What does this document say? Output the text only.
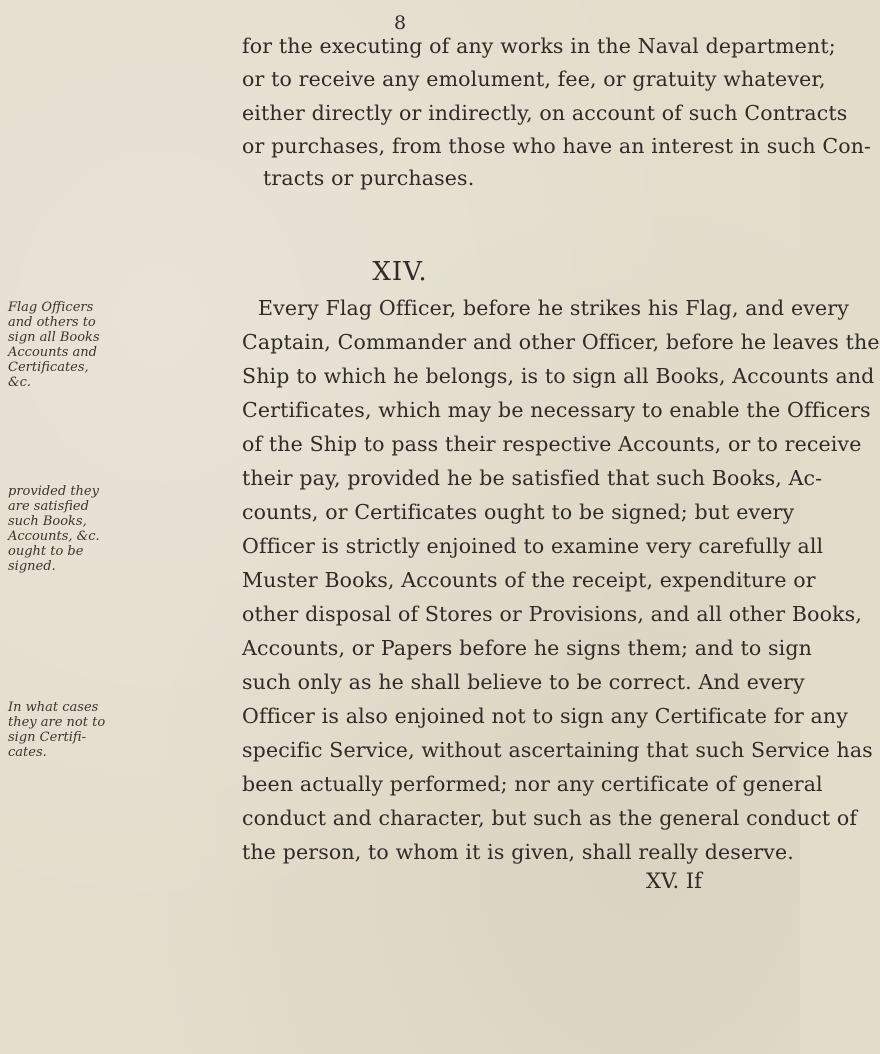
8
for the executing of any works in the Naval department;
or to receive any emolument, fee, or gratuity whatever,
either directly or indirectly, on account of such Contracts
or purchases, from those who have an interest in such Con-
tracts or purchases.
XIV.
Flag Officers
and others to
sign all Books
Accounts and
Certificates,
&c.
provided they
are satisfied
such Books,
Accounts, &c.
ought to be
signed.
In what cases
they are not to
sign Certifi-
cates.
Every Flag Officer, before he strikes his Flag, and every
Captain, Commander and other Officer, before he leaves the
Ship to which he belongs, is to sign all Books, Accounts and
Certificates, which may be necessary to enable the Officers
of the Ship to pass their respective Accounts, or to receive
their pay, provided he be satisfied that such Books, Ac-
counts, or Certificates ought to be signed; but every
Officer is strictly enjoined to examine very carefully all
Muster Books, Accounts of the receipt, expenditure or
other disposal of Stores or Provisions, and all other Books,
Accounts, or Papers before he signs them; and to sign
such only as he shall believe to be correct. And every
Officer is also enjoined not to sign any Certificate for any
specific Service, without ascertaining that such Service has
been actually performed; nor any certificate of general
conduct and character, but such as the general conduct of
the person, to whom it is given, shall really deserve.
XV. If
